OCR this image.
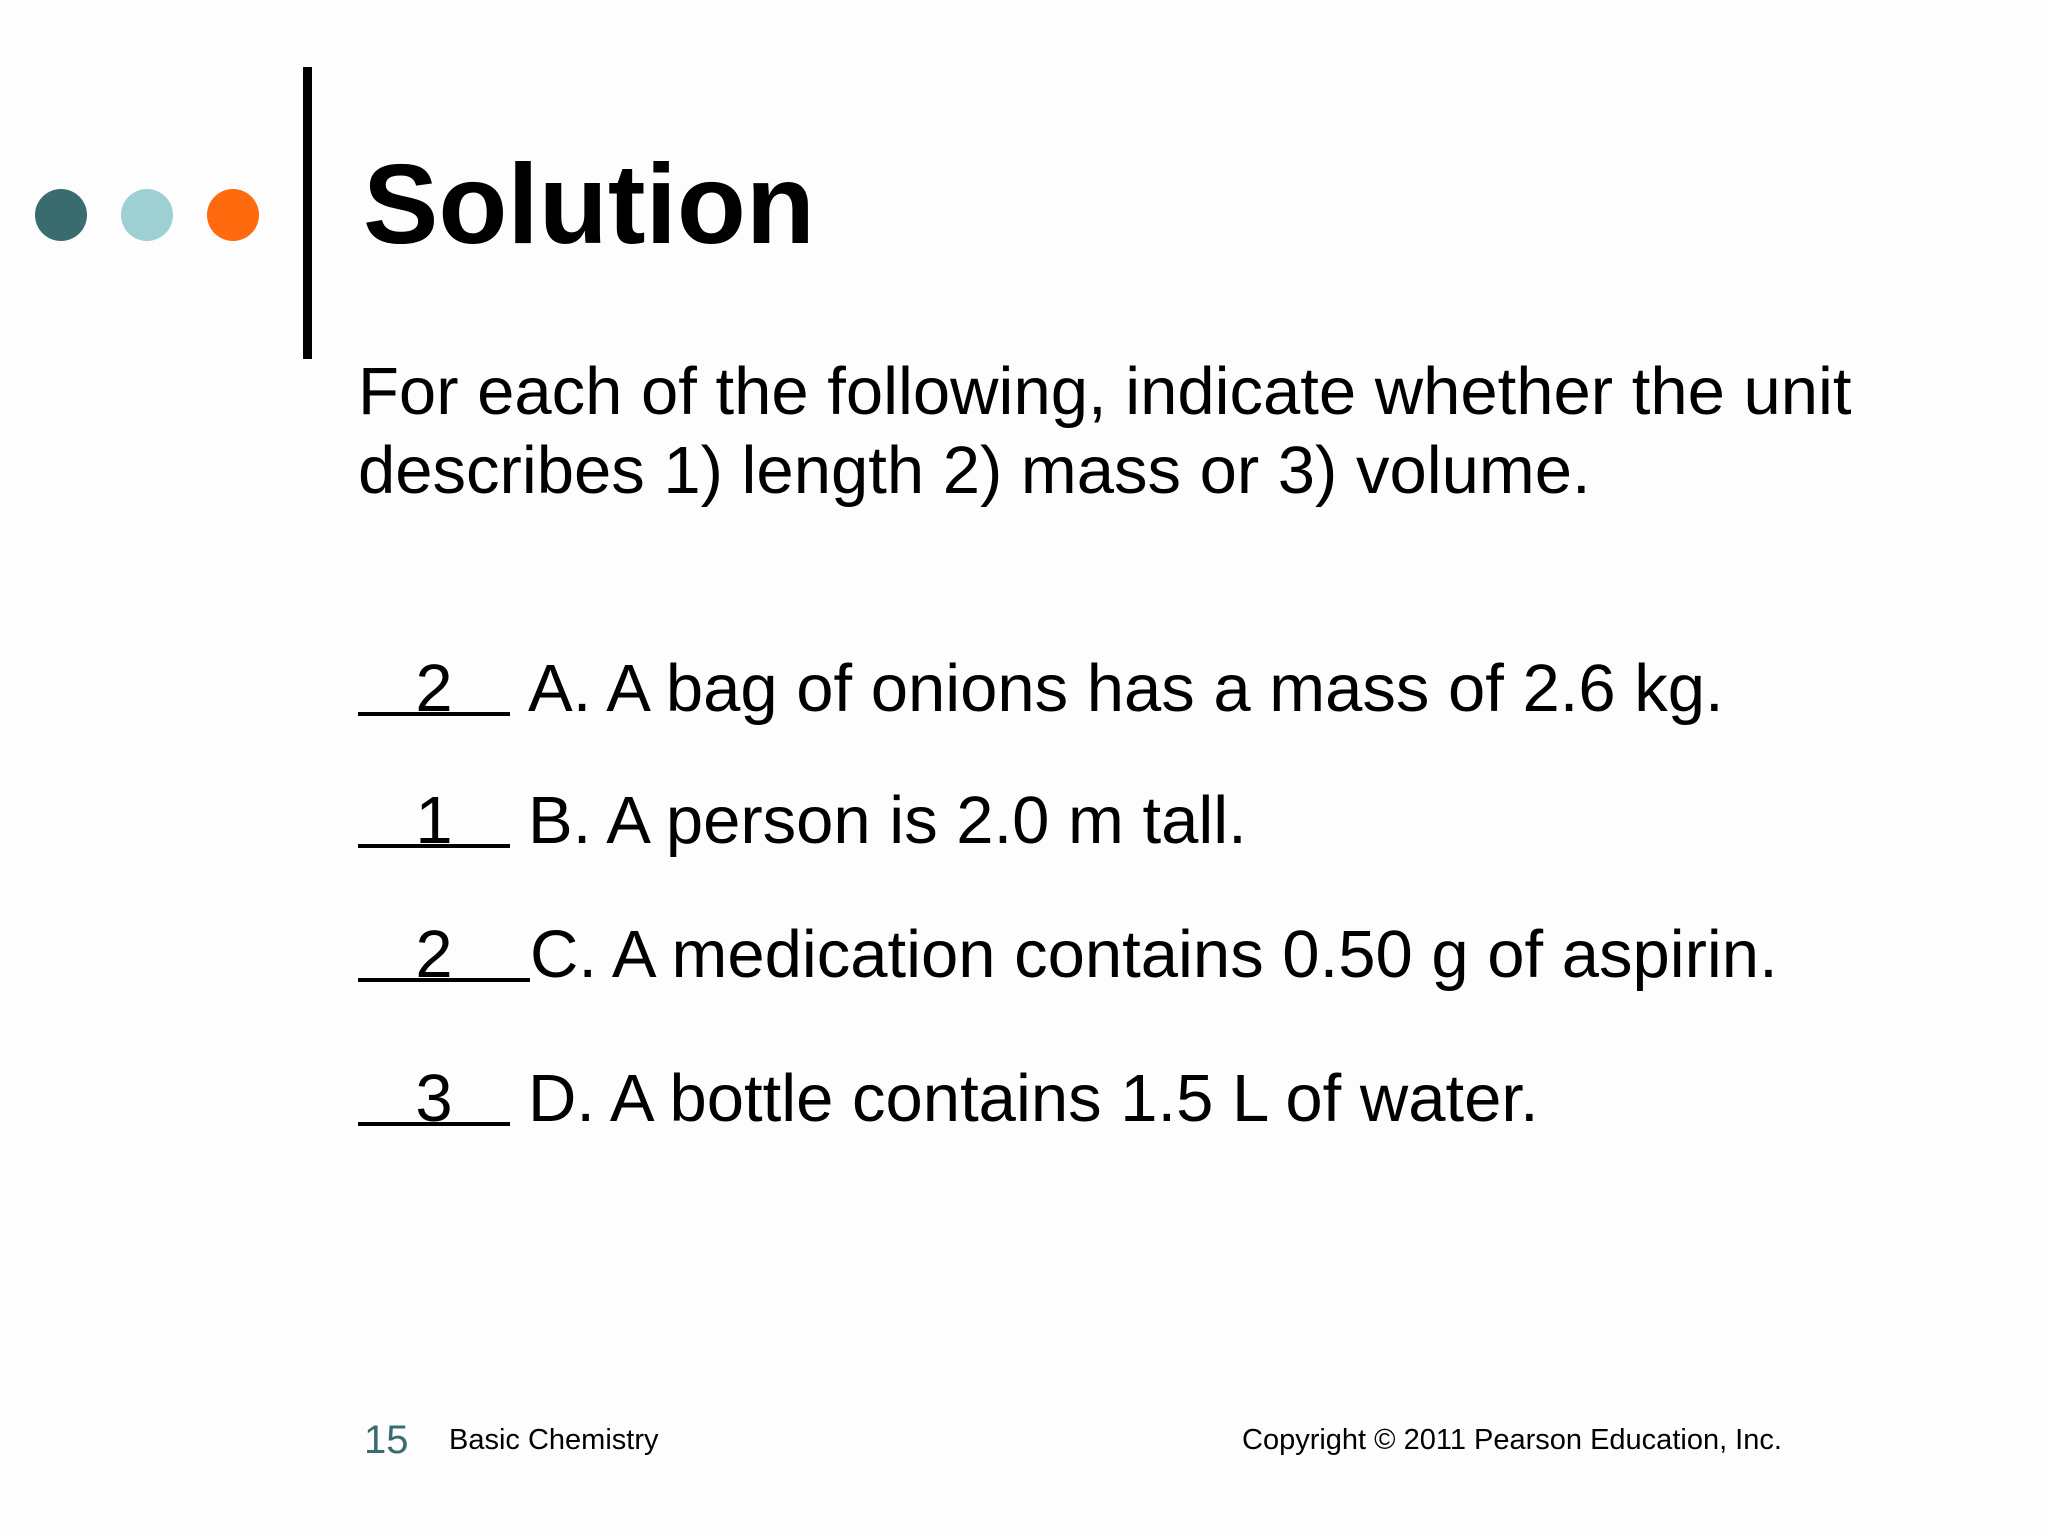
Solution
For each of the following, indicate whether the unit
describes 1) length 2) mass or 3) volume.
2	A. A bag of onions has a mass of 2.6 kg.
1	B. A person is 2.0 m tall.
2	C. A medication contains 0.50 g of aspirin.
3	D. A bottle contains 1.5 L of water.
15 Basic Chemistry	Copyright © 2011 Pearson Education, Inc.
